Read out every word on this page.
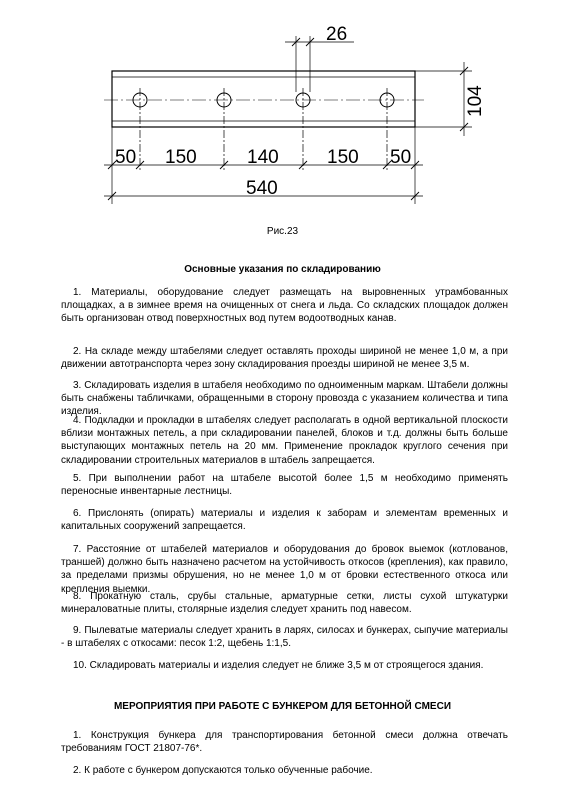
26
104
50 150	140	150 50
540
Рис.23
Основные указания по складированию

1. Материалы, оборудование следует размещать на выровненных утрамбованных площадках, а в зимнее время на очищенных от снега и льда. Со складских площадок должен быть организован отвод поверхностных вод путем водоотводных канав.

2. На складе между штабелями следует оставлять проходы шириной не менее 1,0 м, а при движении автотранспорта через зону складирования проезды шириной не менее 3,5 м.

3. Складировать изделия в штабеля необходимо по одноименным маркам. Штабели должны быть снабжены табличками, обращенными в сторону провозда с указанием количества и типа изделия.

4. Подкладки и прокладки в штабелях следует располагать в одной вертикальной плоскости вблизи монтажных петель, а при складировании панелей, блоков и т.д. должны быть больше выступающих монтажных петель на 20 мм. Применение прокладок круглого сечения при складировании строительных материалов в штабель запрещается.

5. При выполнении работ на штабеле высотой более 1,5 м необходимо применять переносные инвентарные лестницы.

6. Прислонять (опирать) материалы и изделия к заборам и элементам временных и капитальных сооружений запрещается.

7. Расстояние от штабелей материалов и оборудования до бровок выемок (котлованов, траншей) должно быть назначено расчетом на устойчивость откосов (крепления), как правило, за пределами призмы обрушения, но не менее 1,0 м от бровки естественного откоса или крепления выемки.

8. Прокатную сталь, срубы стальные, арматурные сетки, листы сухой штукатурки минераловатные плиты, столярные изделия следует хранить под навесом.

9. Пылеватые материалы следует хранить в ларях, силосах и бункерах, сыпучие материалы - в штабелях с откосами: песок 1:2, щебень 1:1,5.

10. Складировать материалы и изделия следует не ближе 3,5 м от строящегося здания.

МЕРОПРИЯТИЯ ПРИ РАБОТЕ С БУНКЕРОМ ДЛЯ БЕТОННОЙ СМЕСИ

1. Конструкция бункера для транспортирования бетонной смеси должна отвечать требованиям ГОСТ 21807-76*.

2. К работе с бункером допускаются только обученные рабочие.
